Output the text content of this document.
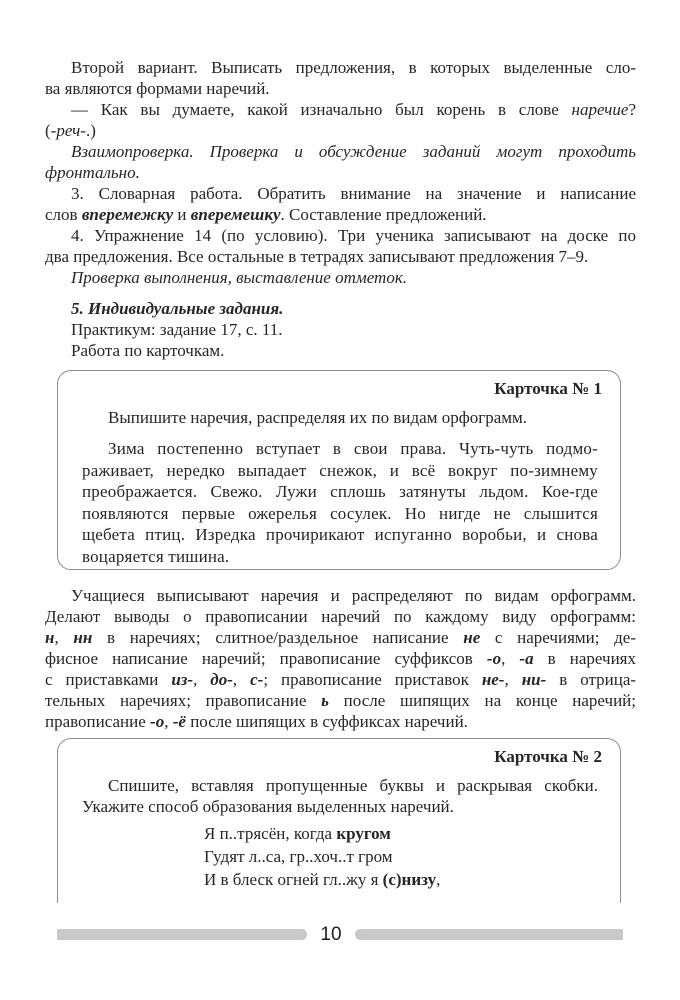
Второй вариант. Выписать предложения, в которых выделенные сло-
ва являются формами наречий.
— Как вы думаете, какой изначально был корень в слове наречие?
(-реч-.)
Взаимопроверка. Проверка и обсуждение заданий могут проходить
фронтально.
3. Словарная работа. Обратить внимание на значение и написание
слов вперемежку и вперемешку. Составление предложений.
4. Упражнение 14 (по условию). Три ученика записывают на доске по
два предложения. Все остальные в тетрадях записывают предложения 7–9.
Проверка выполнения, выставление отметок.
5. Индивидуальные задания.
Практикум: задание 17, с. 11.
Работа по карточкам.
Карточка № 1
Выпишите наречия, распределяя их по видам орфограмм.
Зима постепенно вступает в свои права. Чуть-чуть подмо-
раживает, нередко выпадает снежок, и всё вокруг по-зимнему
преображается. Свежо. Лужи сплошь затянуты льдом. Кое-где
появляются первые ожерелья сосулек. Но нигде не слышится
щебета птиц. Изредка прочирикают испуганно воробьи, и снова
воцаряется тишина.
Учащиеся выписывают наречия и распределяют по видам орфограмм.
Делают выводы о правописании наречий по каждому виду орфограмм:
н, нн в наречиях; слитное/раздельное написание не с наречиями; де-
фисное написание наречий; правописание суффиксов -о, -а в наречиях
с приставками из-, до-, с-; правописание приставок не-, ни- в отрица-
тельных наречиях; правописание ь после шипящих на конце наречий;
правописание -о, -ё после шипящих в суффиксах наречий.
Карточка № 2
Спишите, вставляя пропущенные буквы и раскрывая скобки.
Укажите способ образования выделенных наречий.
Я п..трясён, когда кругом
Гудят л..са, гр..хоч..т гром
И в блеск огней гл..жу я (с)низу,
10
